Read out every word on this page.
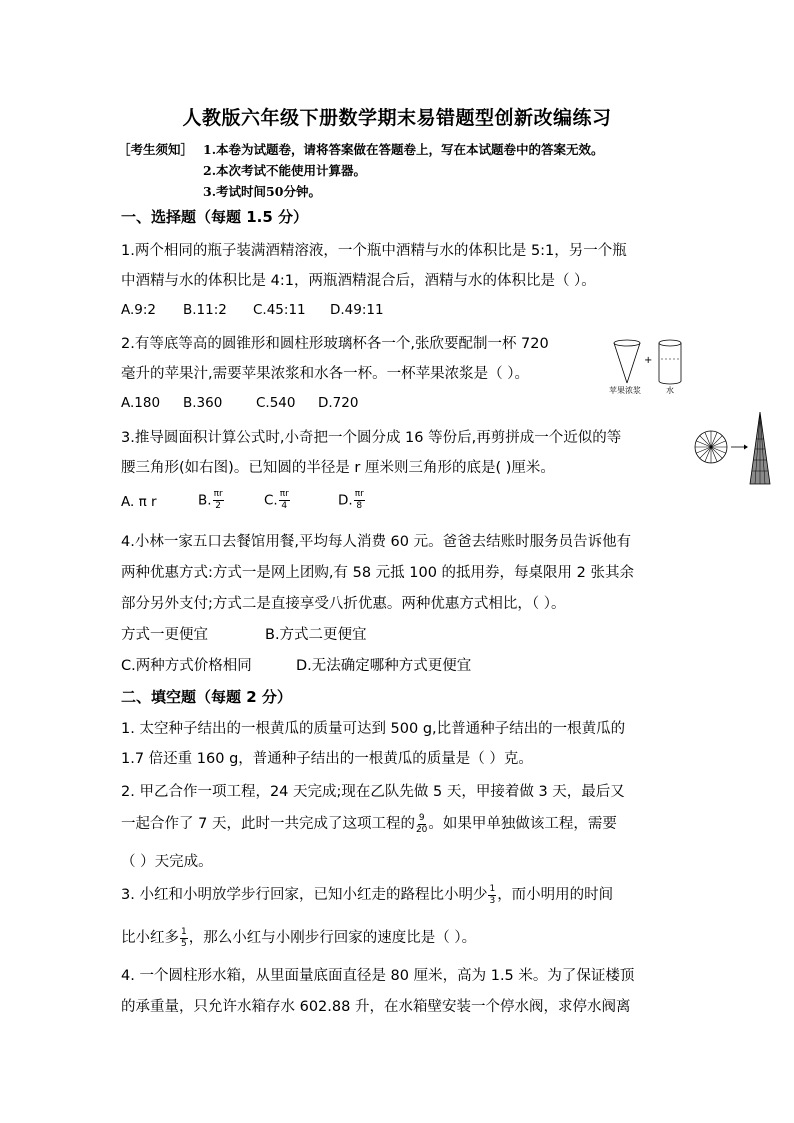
人教版六年级下册数学期末易错题型创新改编练习
［考生须知］ 1.本卷为试题卷，请将答案做在答题卷上，写在本试题卷中的答案无效。
2.本次考试不能使用计算器。
3.考试时间50分钟。
一、选择题（每题 1.5 分）
1.两个相同的瓶子装满酒精溶液，一个瓶中酒精与水的体积比是 5:1，另一个瓶
中酒精与水的体积比是 4:1，两瓶酒精混合后，酒精与水的体积比是（ ）。
A.9:2 B.11:2 C.45:11 D.49:11
2.有等底等高的圆锥形和圆柱形玻璃杯各一个,张欣要配制一杯 720
毫升的苹果汁,需要苹果浓浆和水各一杯。一杯苹果浓浆是（ ）。
A.180 B.360 C.540 D.720
+
苹果浓浆	水
3.推导圆面积计算公式时,小奇把一个圆分成 16 等份后,再剪拼成一个近似的等
腰三角形(如右图)。已知圆的半径是 r 厘米则三角形的底是( )厘米。
A. π r	B. $\frac{\pi r}{2}$	C. $\frac{\pi r}{4}$	D. $\frac{\pi r}{8}$
4.小林一家五口去餐馆用餐,平均每人消费 60 元。爸爸去结账时服务员告诉他有
两种优惠方式:方式一是网上团购,有 58 元抵 100 的抵用券，每桌限用 2 张其余
部分另外支付;方式二是直接享受八折优惠。两种优惠方式相比，（ ）。
方式一更便宜	B.方式二更便宜
C.两种方式价格相同	D.无法确定哪种方式更便宜
二、填空题（每题 2 分）
1. 太空种子结出的一根黄瓜的质量可达到 500 g,比普通种子结出的一根黄瓜的
1.7 倍还重 160 g，普通种子结出的一根黄瓜的质量是（ ）克。
2. 甲乙合作一项工程，24 天完成;现在乙队先做 5 天，甲接着做 3 天，最后又
一起合作了 7 天，此时一共完成了这项工程的 $\frac{9}{20}$ 。如果甲单独做该工程，需要
（ ）天完成。
3. 小红和小明放学步行回家，已知小红走的路程比小明少 $\frac{1}{3}$ ，而小明用的时间
比小红多 $\frac{1}{5}$ ，那么小红与小刚步行回家的速度比是（ ）。
4. 一个圆柱形水箱，从里面量底面直径是 80 厘米，高为 1.5 米。为了保证楼顶
的承重量，只允许水箱存水 602.88 升，在水箱壁安装一个停水阀，求停水阀离
